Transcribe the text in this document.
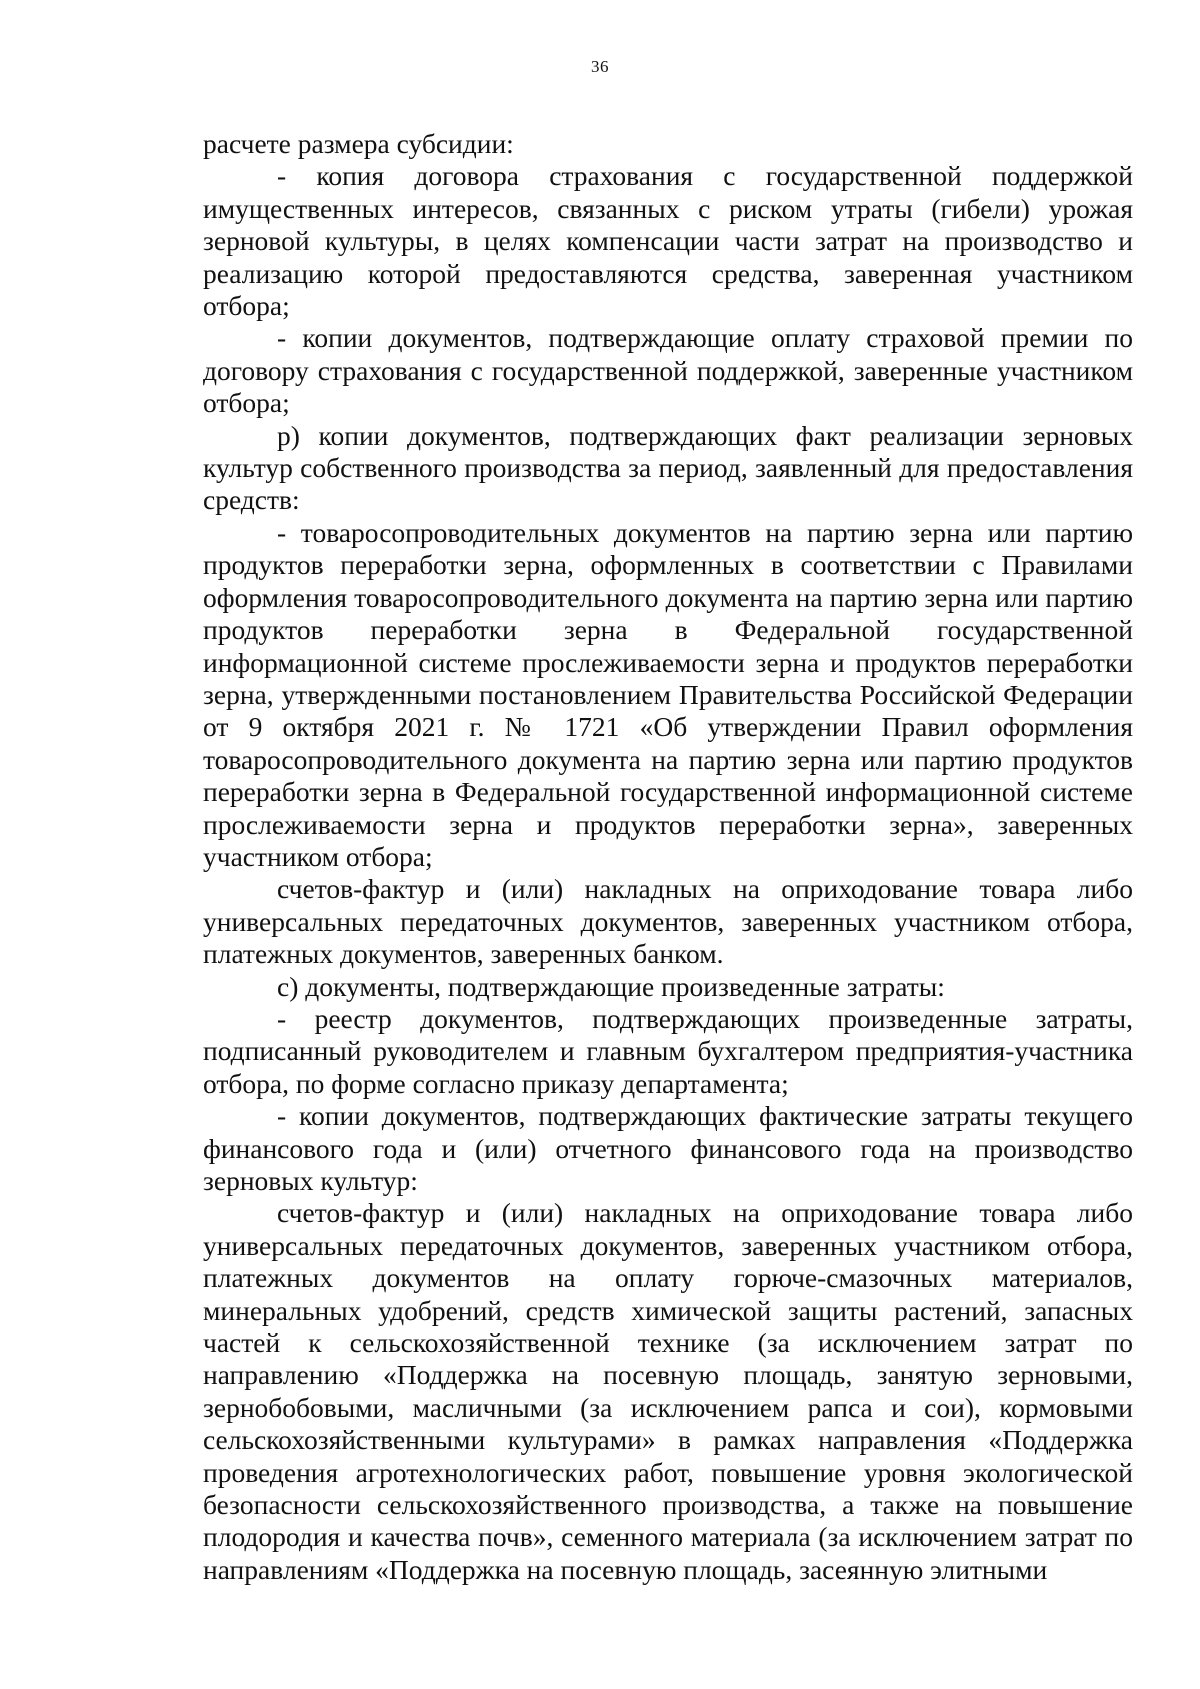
36

расчете размера субсидии:

- копия договора страхования с государственной поддержкой имущественных интересов, связанных с риском утраты (гибели) урожая зерновой культуры, в целях компенсации части затрат на производство и реализацию которой предоставляются средства, заверенная участником отбора;

- копии документов, подтверждающие оплату страховой премии по договору страхования с государственной поддержкой, заверенные участником отбора;

р) копии документов, подтверждающих факт реализации зерновых культур собственного производства за период, заявленный для предоставления средств:

- товаросопроводительных документов на партию зерна или партию продуктов переработки зерна, оформленных в соответствии с Правилами оформления товаросопроводительного документа на партию зерна или партию продуктов переработки зерна в Федеральной государственной информационной системе прослеживаемости зерна и продуктов переработки зерна, утвержденными постановлением Правительства Российской Федерации от 9 октября 2021 г. № 1721 «Об утверждении Правил оформления товаросопроводительного документа на партию зерна или партию продуктов переработки зерна в Федеральной государственной информационной системе прослеживаемости зерна и продуктов переработки зерна», заверенных участником отбора;

счетов-фактур и (или) накладных на оприходование товара либо универсальных передаточных документов, заверенных участником отбора, платежных документов, заверенных банком.

с) документы, подтверждающие произведенные затраты:

- реестр документов, подтверждающих произведенные затраты, подписанный руководителем и главным бухгалтером предприятия-участника отбора, по форме согласно приказу департамента;

- копии документов, подтверждающих фактические затраты текущего финансового года и (или) отчетного финансового года на производство зерновых культур:

счетов-фактур и (или) накладных на оприходование товара либо универсальных передаточных документов, заверенных участником отбора, платежных документов на оплату горюче-смазочных материалов, минеральных удобрений, средств химической защиты растений, запасных частей к сельскохозяйственной технике (за исключением затрат по направлению «Поддержка на посевную площадь, занятую зерновыми, зернобобовыми, масличными (за исключением рапса и сои), кормовыми сельскохозяйственными культурами» в рамках направления «Поддержка проведения агротехнологических работ, повышение уровня экологической безопасности сельскохозяйственного производства, а также на повышение плодородия и качества почв», семенного материала (за исключением затрат по направлениям «Поддержка на посевную площадь, засеянную элитными
